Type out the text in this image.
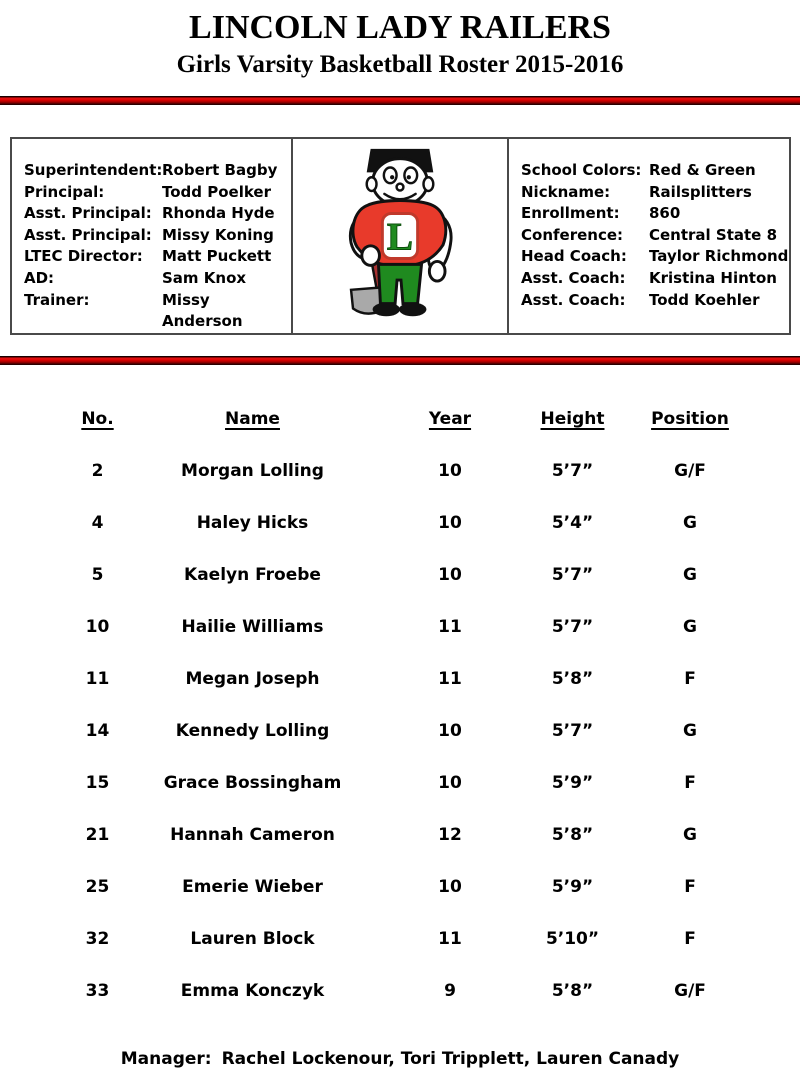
LINCOLN LADY RAILERS
Girls Varsity Basketball Roster 2015-2016
Superintendent: Robert Bagby
Principal:	Todd Poelker
Asst. Principal: Rhonda Hyde
Asst. Principal: Missy Koning
LTEC Director:	Matt Puckett
AD:	Sam Knox
Trainer:	Missy Anderson
L
School Colors: Red & Green
Nickname:	Railsplitters
Enrollment:	860
Conference:	Central State 8
Head Coach:	Taylor Richmond
Asst. Coach:	Kristina Hinton
Asst. Coach:	Todd Koehler
No.	Name	Year	Height	Position
2	Morgan Lolling	10	5’7”	G/F
4	Haley Hicks	10	5’4”	G
5	Kaelyn Froebe	10	5’7”	G
10	Hailie Williams	11	5’7”	G
11	Megan Joseph	11	5’8”	F
14	Kennedy Lolling	10	5’7”	G
15	Grace Bossingham	10	5’9”	F
21	Hannah Cameron	12	5’8”	G
25	Emerie Wieber	10	5’9”	F
32	Lauren Block	11	5’10”	F
33	Emma Konczyk	9	5’8”	G/F
Manager: Rachel Lockenour, Tori Tripplett, Lauren Canady
